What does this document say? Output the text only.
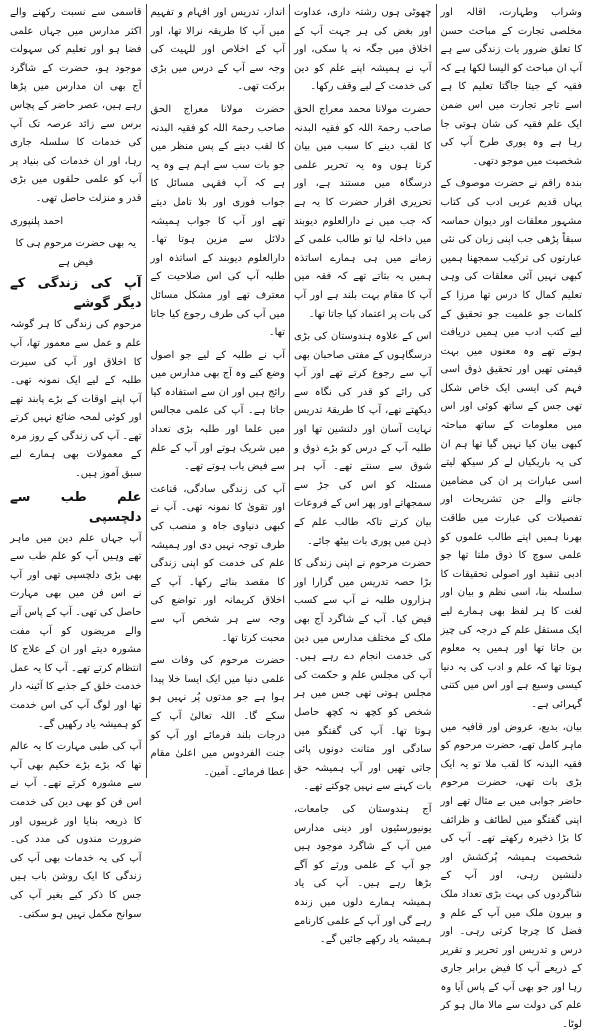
وشراب وطہارت، اقالہ اور مخلصی تجارت کے مباحث حسن کا تعلق ضرور یات زندگی سے ہے آپ ان مباحث کو الیسا لکھا ہے کہ فقیہ کے جیتا جاگتا تعلیم کا ہے اسے تاجر تجارت میں اس ضمن ایک علم فقیہ کی شان ہوتی جا رہا ہے وہ پوری طرح آپ کی شخصیت میں موجو دتھی۔

بندہ راقم نے حضرت موصوف کے یہاں قدیم عربی ادب کی کتاب مشہور معلقات اور دیوان حماسہ سبقاً پڑھی جب اپنی زبان کی نئی عبارتوں کی ترکیب سمجھنا ہمیں کبھی نہیں آئی معلقات کی وہی تعلیم کمال کا درس تھا مرزا کے کلمات جو علمیت جو تحقیق کے لیے کتب ادب میں ہمیں دریافت ہوتے تھے وہ معنوں میں بہت قیمتی تھیں اور تحقیق ذوق اسی فہم کی ایسی ایک خاص شکل تھی جس کے ساتھ کوئی اور اس میں معلومات کے ساتھ مباحثہ کبھی بیان کیا نہیں گیا تھا ہم ان کی یہ باریکیاں لے کر سیکھ لیتے اسی عبارات پر ان کی مضامین جاننے والے جن تشریحات اور تفصیلات کی عبارت میں طاقت بھرنا ہمیں اپنے طالب علموں کو علمی سوچ کا ذوق ملتا تھا جو ادبی تنقید اور اصولی تحقیقات کا سلسلہ بنا، اسی نظم و بیان اور لغت کا ہر لفظ بھی ہمارے لیے ایک مستقل علم کے درجہ کی چیز بن جاتا تھا اور ہمیں یہ معلوم ہوتا تھا کہ علم و ادب کی یہ دنیا کیسی وسیع ہے اور اس میں کتنی گہرائی ہے۔

بیان، بدیع، عروض اور قافیہ میں ماہر کامل تھے، حضرت مرحوم کو فقیہ البدنہ کا لقب ملا تو یہ ایک بڑی بات تھی، حضرت مرحوم حاضر جوابی میں بے مثال تھے اور اپنی گفتگو میں لطائف و ظرائف کا بڑا ذخیرہ رکھتے تھے۔ آپ کی شخصیت ہمیشہ پُرکشش اور دلنشین رہی، اور آپ کے شاگردوں کی بہت بڑی تعداد ملک و بیرون ملک میں آپ کے علم و فضل کا چرچا کرتی رہی۔ اور درس و تدریس اور تحریر و تقریر کے ذریعے آپ کا فیض برابر جاری رہا اور جو بھی آپ کے پاس آیا وہ علم کی دولت سے مالا مال ہو کر لوٹا۔

چھوٹی ہوں رشتہ داری، عداوت اور بغض کی ہر جہت آپ کے اخلاق میں جگہ نہ پا سکی، اور آپ نے ہمیشہ اپنے علم کو دین کی خدمت کے لیے وقف رکھا۔

حضرت مولانا محمد معراج الحق صاحب رحمۃ اللہ کو فقیہ البدنہ کا لقب دینے کا سبب میں بیان کرتا ہوں وہ یہ تحریر علمی درسگاہ میں مستند ہے، اور تحریری اقرار حضرت کا یہ ہے کہ جب میں نے دارالعلوم دیوبند میں داخلہ لیا تو طالب علمی کے زمانے میں ہی ہمارے اساتذہ ہمیں یہ بتاتے تھے کہ فقہ میں آپ کا مقام بہت بلند ہے اور آپ کی بات پر اعتماد کیا جاتا تھا۔

اس کے علاوہ ہندوستان کی بڑی درسگاہوں کے مفتی صاحبان بھی آپ سے رجوع کرتے تھے اور آپ کی رائے کو قدر کی نگاہ سے دیکھتے تھے، آپ کا طریقۂ تدریس نہایت آسان اور دلنشین تھا اور طلبہ آپ کے درس کو بڑے ذوق و شوق سے سنتے تھے۔ آپ ہر مسئلہ کو اس کی جڑ سے سمجھاتے اور پھر اس کے فروعات بیان کرتے تاکہ طالب علم کے ذہن میں پوری بات بیٹھ جائے۔

حضرت مرحوم نے اپنی زندگی کا بڑا حصہ تدریس میں گزارا اور ہزاروں طلبہ نے آپ سے کسب فیض کیا۔ آپ کے شاگرد آج بھی ملک کے مختلف مدارس میں دین کی خدمت انجام دے رہے ہیں۔ آپ کی مجلس علم و حکمت کی مجلس ہوتی تھی جس میں ہر شخص کو کچھ نہ کچھ حاصل ہوتا تھا۔ آپ کی گفتگو میں سادگی اور متانت دونوں پائی جاتی تھیں اور آپ ہمیشہ حق بات کہنے سے نہیں چوکتے تھے۔

آج ہندوستان کی جامعات، یونیورسٹیوں اور دینی مدارس میں آپ کے شاگرد موجود ہیں جو آپ کے علمی ورثے کو آگے بڑھا رہے ہیں۔ آپ کی یاد ہمیشہ ہمارے دلوں میں زندہ رہے گی اور آپ کے علمی کارنامے ہمیشہ یاد رکھے جائیں گے۔

انداز، تدریس اور افہام و تفہیم میں آپ کا طریقہ نرالا تھا، اور آپ کے اخلاص اور للہیت کی وجہ سے آپ کے درس میں بڑی برکت تھی۔

حضرت مولانا معراج الحق صاحب رحمۃ اللہ کو فقیہ البدنہ کا لقب دینے کے پس منظر میں جو بات سب سے اہم ہے وہ یہ ہے کہ آپ فقہی مسائل کا جواب فوری اور بلا تامل دیتے تھے اور آپ کا جواب ہمیشہ دلائل سے مزین ہوتا تھا۔ دارالعلوم دیوبند کے اساتذہ اور طلبہ آپ کی اس صلاحیت کے معترف تھے اور مشکل مسائل میں آپ کی طرف رجوع کیا جاتا تھا۔

آپ نے طلبہ کے لیے جو اصول وضع کیے وہ آج بھی مدارس میں رائج ہیں اور ان سے استفادہ کیا جاتا ہے۔ آپ کی علمی مجالس میں علما اور طلبہ بڑی تعداد میں شریک ہوتے اور آپ کے علم سے فیض یاب ہوتے تھے۔

آپ کی زندگی سادگی، قناعت اور تقویٰ کا نمونہ تھی۔ آپ نے کبھی دنیاوی جاہ و منصب کی طرف توجہ نہیں دی اور ہمیشہ علم کی خدمت کو اپنی زندگی کا مقصد بنائے رکھا۔ آپ کے اخلاق کریمانہ اور تواضع کی وجہ سے ہر شخص آپ سے محبت کرتا تھا۔

حضرت مرحوم کی وفات سے علمی دنیا میں ایک ایسا خلا پیدا ہوا ہے جو مدتوں پُر نہیں ہو سکے گا۔ اللہ تعالیٰ آپ کے درجات بلند فرمائے اور آپ کو جنت الفردوس میں اعلیٰ مقام عطا فرمائے۔ آمین۔

قاسمی سے نسبت رکھنے والے اکثر مدارس میں جہاں علمی فضا ہو اور تعلیم کی سہولت موجود ہو، حضرت کے شاگرد آج بھی ان مدارس میں پڑھا رہے ہیں، عصر حاضر کے پچاس برس سے زائد عرصہ تک آپ کی خدمات کا سلسلہ جاری رہا، اور ان خدمات کی بنیاد پر آپ کو علمی حلقوں میں بڑی قدر و منزلت حاصل تھی۔

احمد پلنپوری

یہ بھی حضرت مرحوم ہی کا فیض ہے

آپ کی زندگی کے دیگر گوشے

مرحوم کی زندگی کا ہر گوشہ علم و عمل سے معمور تھا، آپ کا اخلاق اور آپ کی سیرت طلبہ کے لیے ایک نمونہ تھی۔ آپ اپنے اوقات کے بڑے پابند تھے اور کوئی لمحہ ضائع نہیں کرتے تھے۔ آپ کی زندگی کے روز مرہ کے معمولات بھی ہمارے لیے سبق آموز ہیں۔

علم طب سے دلچسپی

آپ جہاں علم دین میں ماہر تھے وہیں آپ کو علم طب سے بھی بڑی دلچسپی تھی اور آپ نے اس فن میں بھی مہارت حاصل کی تھی۔ آپ کے پاس آنے والے مریضوں کو آپ مفت مشورہ دیتے اور ان کے علاج کا انتظام کرتے تھے۔ آپ کا یہ عمل خدمت خلق کے جذبے کا آئینہ دار تھا اور لوگ آپ کی اس خدمت کو ہمیشہ یاد رکھیں گے۔

آپ کی طبی مہارت کا یہ عالم تھا کہ بڑے بڑے حکیم بھی آپ سے مشورہ کرتے تھے۔ آپ نے اس فن کو بھی دین کی خدمت کا ذریعہ بنایا اور غریبوں اور ضرورت مندوں کی مدد کی۔ آپ کی یہ خدمات بھی آپ کی زندگی کا ایک روشن باب ہیں جس کا ذکر کیے بغیر آپ کی سوانح مکمل نہیں ہو سکتی۔
